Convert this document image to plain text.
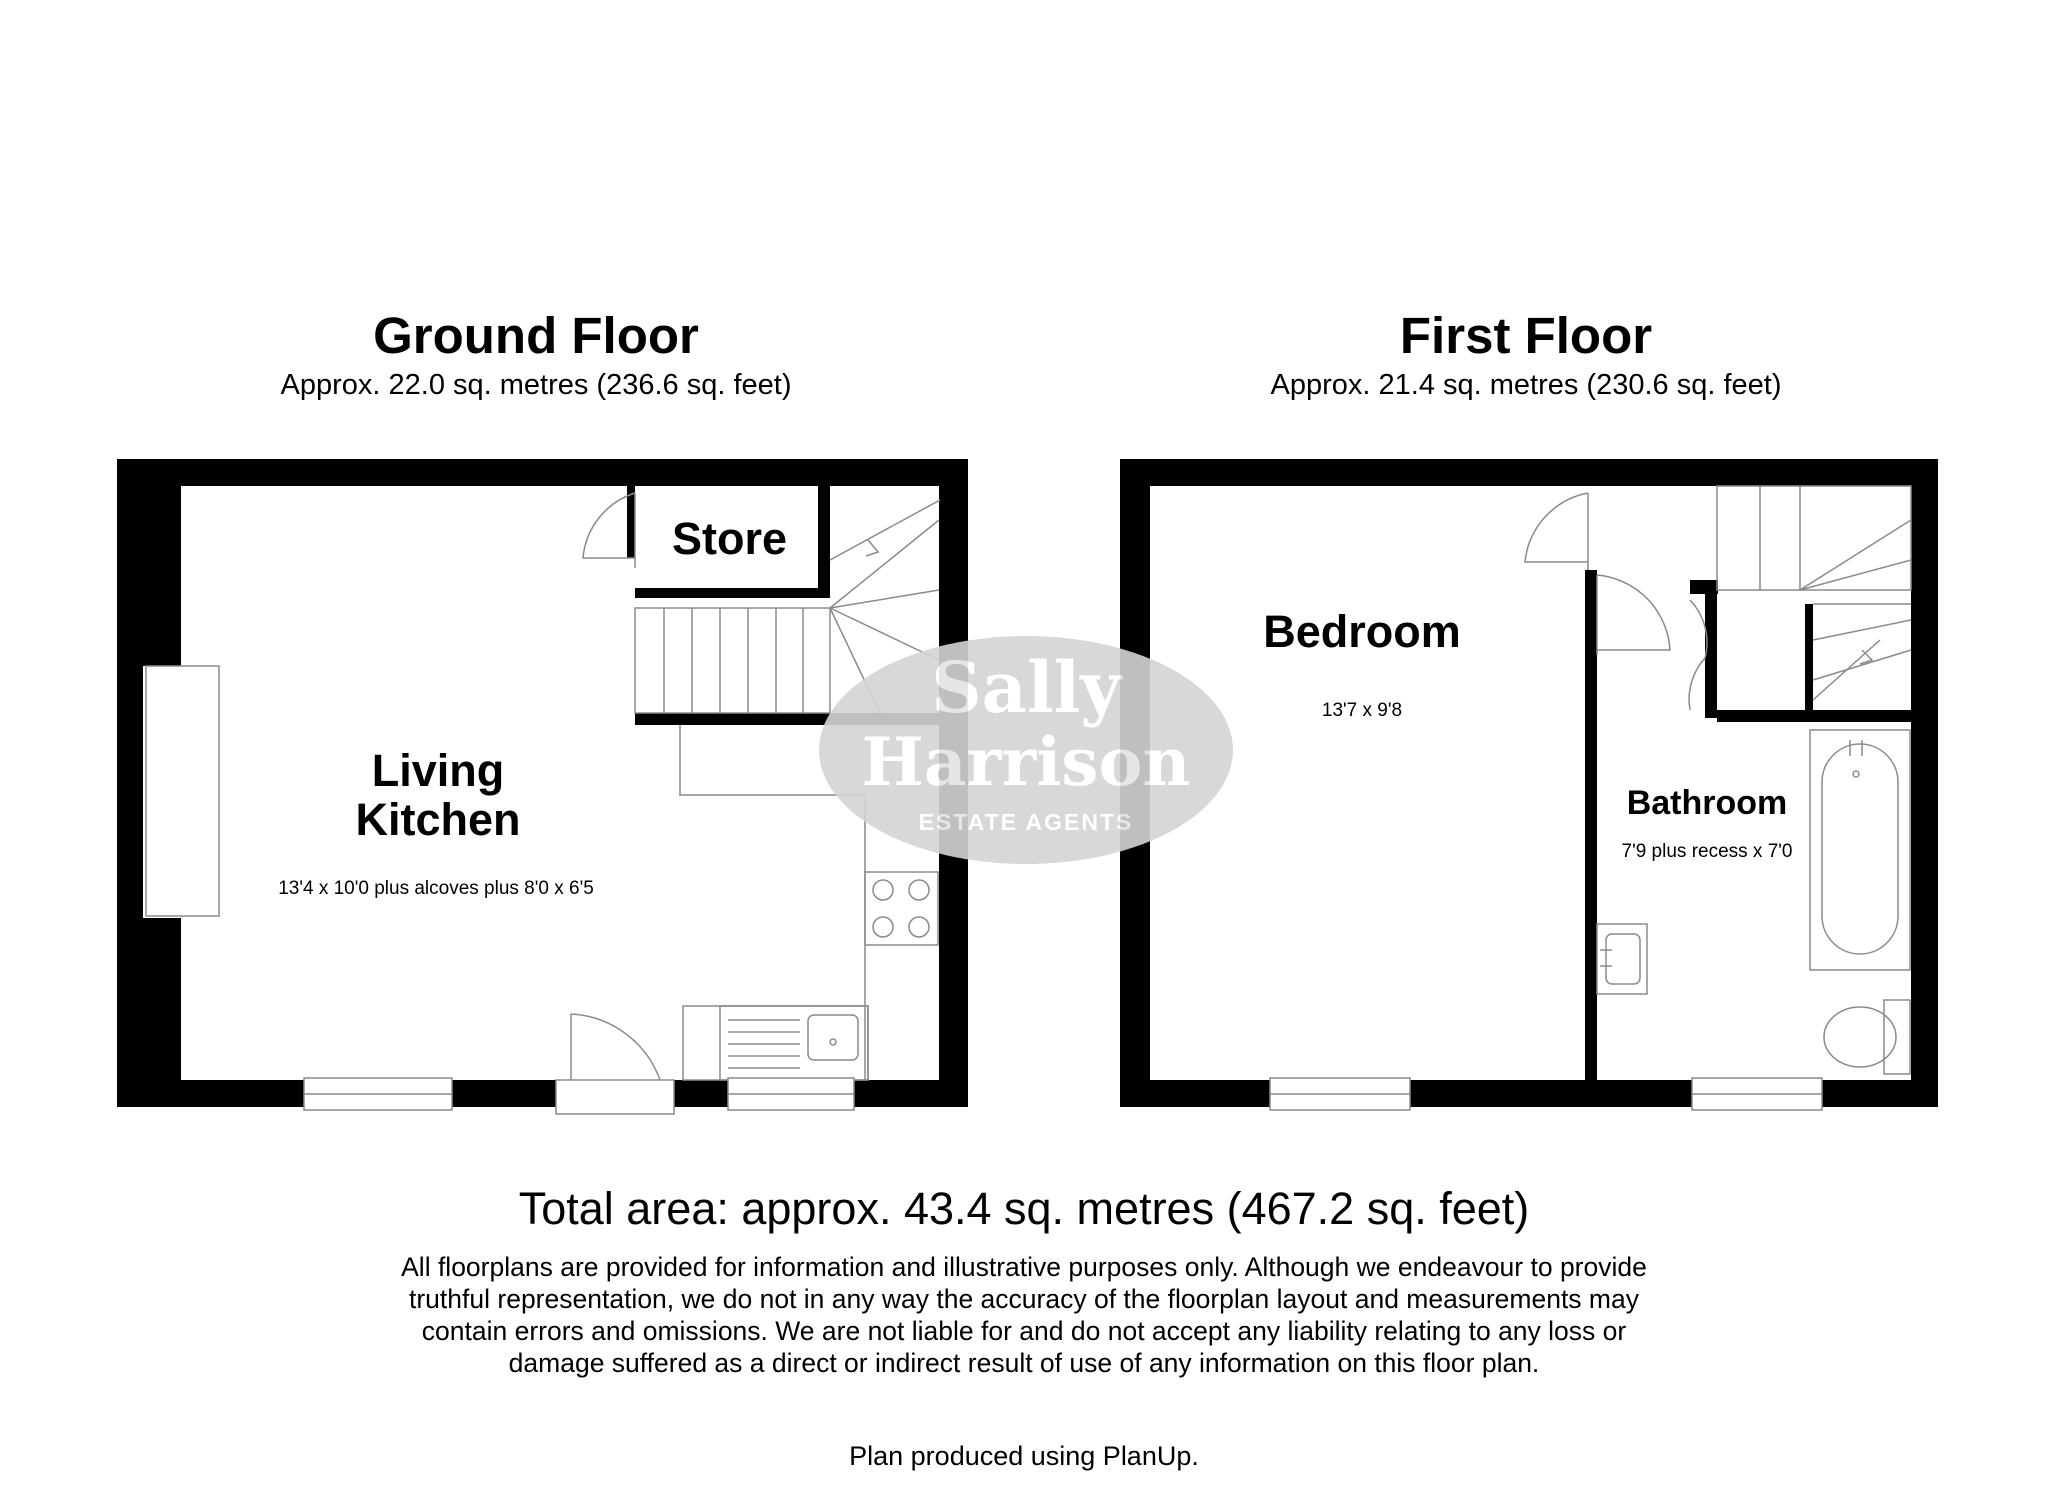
Sally
Harrison
ESTATE AGENTS
Ground Floor
Approx. 22.0 sq. metres (236.6 sq. feet)
First Floor
Approx. 21.4 sq. metres (230.6 sq. feet)
Living
Kitchen
13'4 x 10'0 plus alcoves plus 8'0 x 6'5
Store
Bedroom
13'7 x 9'8
Bathroom
7'9 plus recess x 7'0
Total area: approx. 43.4 sq. metres (467.2 sq. feet)
All floorplans are provided for information and illustrative purposes only. Although we endeavour to provide
truthful representation, we do not in any way the accuracy of the floorplan layout and measurements may
contain errors and omissions. We are not liable for and do not accept any liability relating to any loss or
damage suffered as a direct or indirect result of use of any information on this floor plan.
Plan produced using PlanUp.
